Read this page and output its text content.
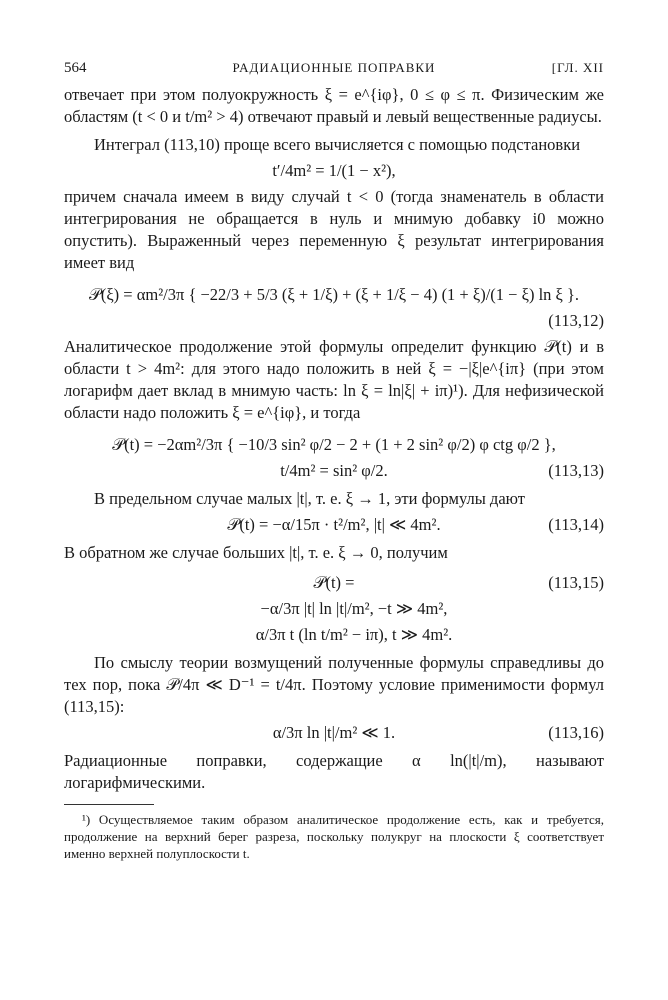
564	РАДИАЦИОННЫЕ ПОПРАВКИ	[ГЛ. XII

отвечает при этом полуокружность ξ = e^{iφ}, 0 ≤ φ ≤ π. Физическим же областям (t < 0 и t/m² > 4) отвечают правый и левый вещественные радиусы.

Интеграл (113,10) проще всего вычисляется с помощью подстановки

t′/4m² = 1/(1 − x²),

причем сначала имеем в виду случай t < 0 (тогда знаменатель в области интегрирования не обращается в нуль и мнимую добавку i0 можно опустить). Выраженный через переменную ξ результат интегрирования имеет вид

𝒫(ξ) = αm²/3π { −22/3 + 5/3 (ξ + 1/ξ) + (ξ + 1/ξ − 4) (1 + ξ)/(1 − ξ) ln ξ }.
(113,12)

Аналитическое продолжение этой формулы определит функцию 𝒫(t) и в области t > 4m²: для этого надо положить в ней ξ = −|ξ|e^{iπ} (при этом логарифм дает вклад в мнимую часть: ln ξ = ln|ξ| + iπ)¹). Для нефизической области надо положить ξ = e^{iφ}, и тогда

𝒫(t) = −2αm²/3π { −10/3 sin² φ/2 − 2 + (1 + 2 sin² φ/2) φ ctg φ/2 },
t/4m² = sin² φ/2.	(113,13)

В предельном случае малых |t|, т. е. ξ → 1, эти формулы дают

𝒫(t) = −α/15π · t²/m², |t| ≪ 4m².	(113,14)

В обратном же случае больших |t|, т. е. ξ → 0, получим

𝒫(t) =	(113,15)
−α/3π |t| ln |t|/m², −t ≫ 4m²,
α/3π t (ln t/m² − iπ), t ≫ 4m².

По смыслу теории возмущений полученные формулы справедливы до тех пор, пока 𝒫/4π ≪ D⁻¹ = t/4π. Поэтому условие применимости формул (113,15):

α/3π ln |t|/m² ≪ 1.	(113,16)

Радиационные поправки, содержащие α ln(|t|/m), называют логарифмическими.

¹) Осуществляемое таким образом аналитическое продолжение есть, как и требуется, продолжение на верхний берег разреза, поскольку полукруг на плоскости ξ соответствует именно верхней полуплоскости t.
